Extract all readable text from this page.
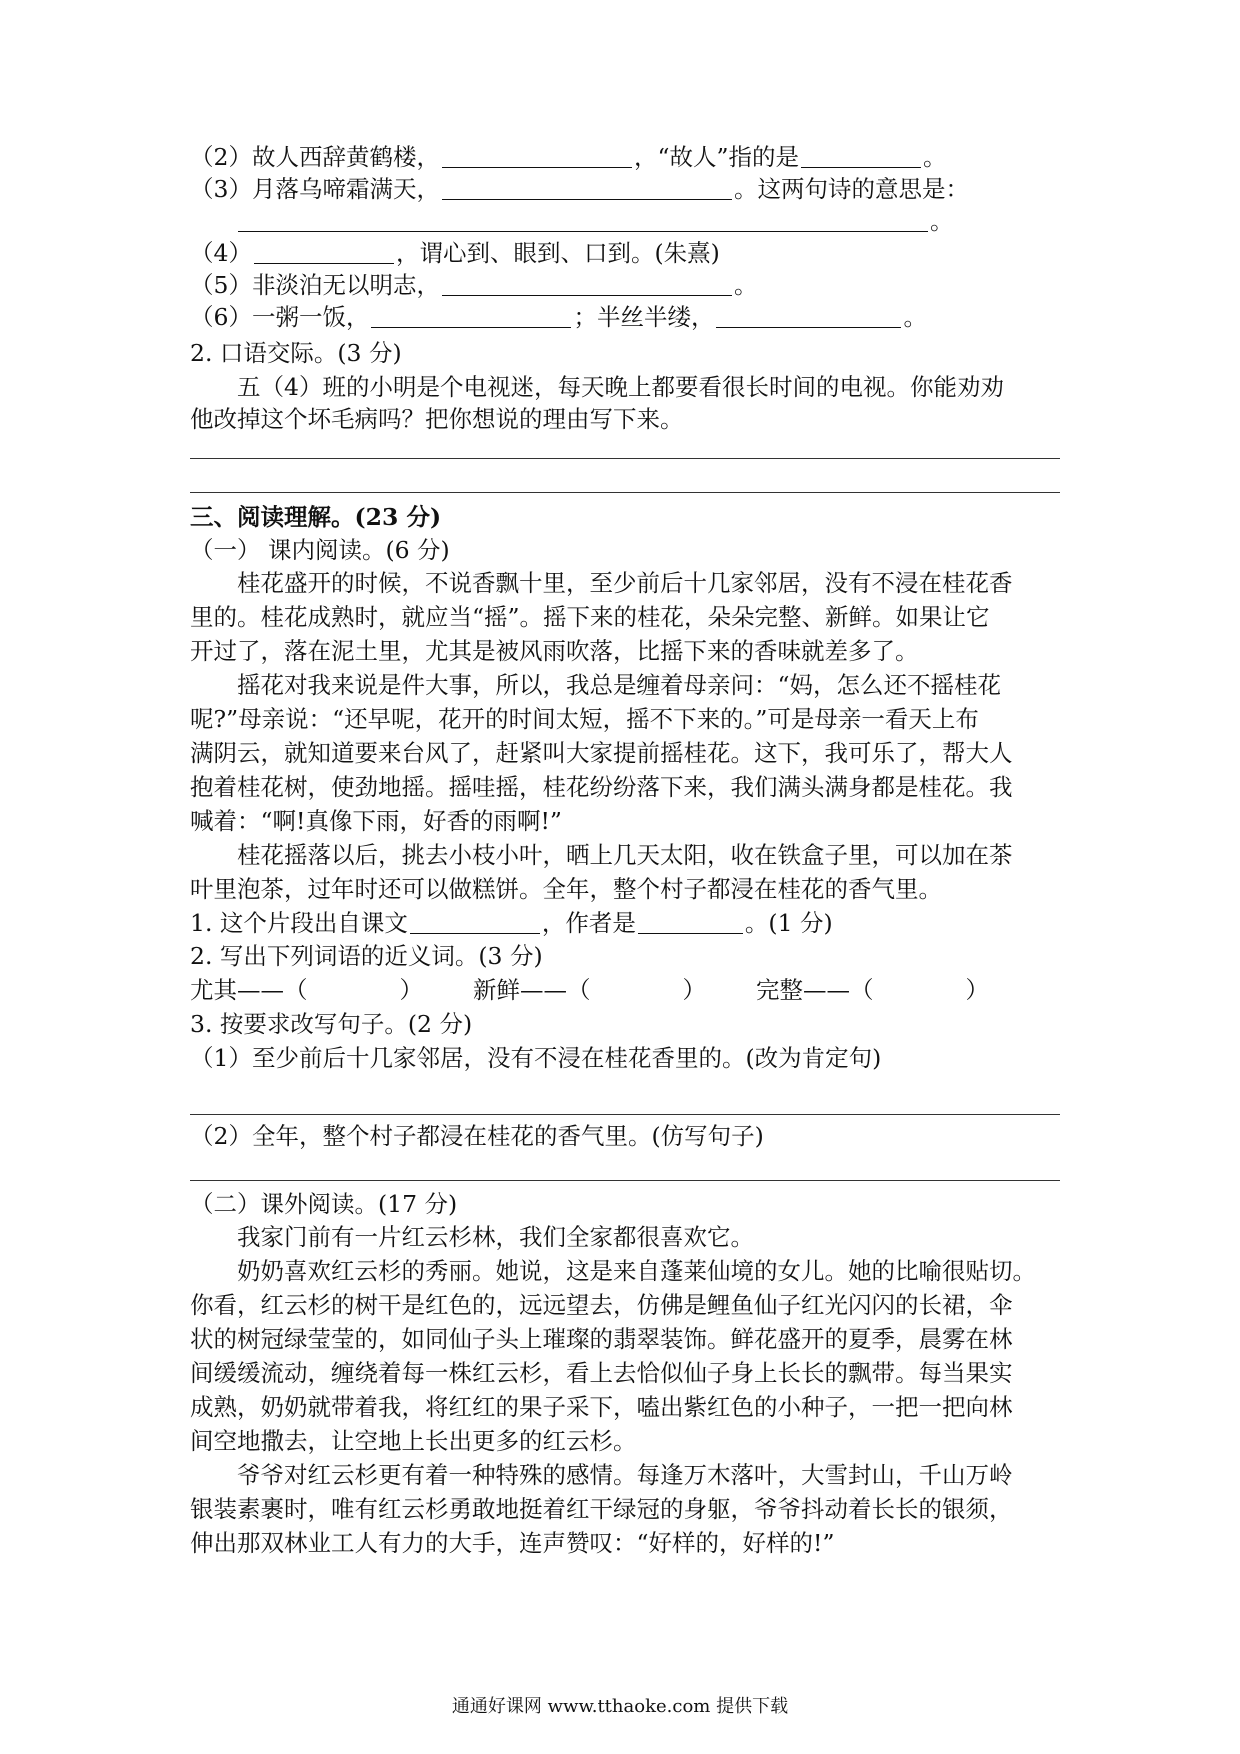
（2）故人西辞黄鹤楼，	，“故人”指的是	。
（3）月落乌啼霜满天，	。这两句诗的意思是：
。
（4）	，谓心到、眼到、口到。(朱熹)
（5）非淡泊无以明志，	。
（6）一粥一饭，	；半丝半缕，	。
2. 口语交际。(3 分)
五（4）班的小明是个电视迷，每天晚上都要看很长时间的电视。你能劝劝
他改掉这个坏毛病吗？把你想说的理由写下来。
三、阅读理解。(23 分)
（一） 课内阅读。(6 分)
桂花盛开的时候，不说香飘十里，至少前后十几家邻居，没有不浸在桂花香
里的。桂花成熟时，就应当“摇”。摇下来的桂花，朵朵完整、新鲜。如果让它
开过了，落在泥土里，尤其是被风雨吹落，比摇下来的香味就差多了。
摇花对我来说是件大事，所以，我总是缠着母亲问：“妈，怎么还不摇桂花
呢?”母亲说：“还早呢，花开的时间太短，摇不下来的。”可是母亲一看天上布
满阴云，就知道要来台风了，赶紧叫大家提前摇桂花。这下，我可乐了，帮大人
抱着桂花树，使劲地摇。摇哇摇，桂花纷纷落下来，我们满头满身都是桂花。我
喊着：“啊!真像下雨，好香的雨啊!”
桂花摇落以后，挑去小枝小叶，晒上几天太阳，收在铁盒子里，可以加在茶
叶里泡茶，过年时还可以做糕饼。全年，整个村子都浸在桂花的香气里。
1. 这个片段出自课文	，作者是	。(1 分)
2. 写出下列词语的近义词。(3 分)
尤其——（	） 新鲜——（	） 完整——（	）
3. 按要求改写句子。(2 分)
（1）至少前后十几家邻居，没有不浸在桂花香里的。(改为肯定句)
（2）全年，整个村子都浸在桂花的香气里。(仿写句子)
（二）课外阅读。(17 分)
我家门前有一片红云杉林，我们全家都很喜欢它。
奶奶喜欢红云杉的秀丽。她说，这是来自蓬莱仙境的女儿。她的比喻很贴切。
你看，红云杉的树干是红色的，远远望去，仿佛是鲤鱼仙子红光闪闪的长裙，伞
状的树冠绿莹莹的，如同仙子头上璀璨的翡翠装饰。鲜花盛开的夏季，晨雾在林
间缓缓流动，缠绕着每一株红云杉，看上去恰似仙子身上长长的飘带。每当果实
成熟，奶奶就带着我，将红红的果子采下，嗑出紫红色的小种子，一把一把向林
间空地撒去，让空地上长出更多的红云杉。
爷爷对红云杉更有着一种特殊的感情。每逢万木落叶，大雪封山，千山万岭
银装素裹时，唯有红云杉勇敢地挺着红干绿冠的身躯，爷爷抖动着长长的银须，
伸出那双林业工人有力的大手，连声赞叹：“好样的，好样的!”
通通好课网 www.tthaoke.com 提供下载
